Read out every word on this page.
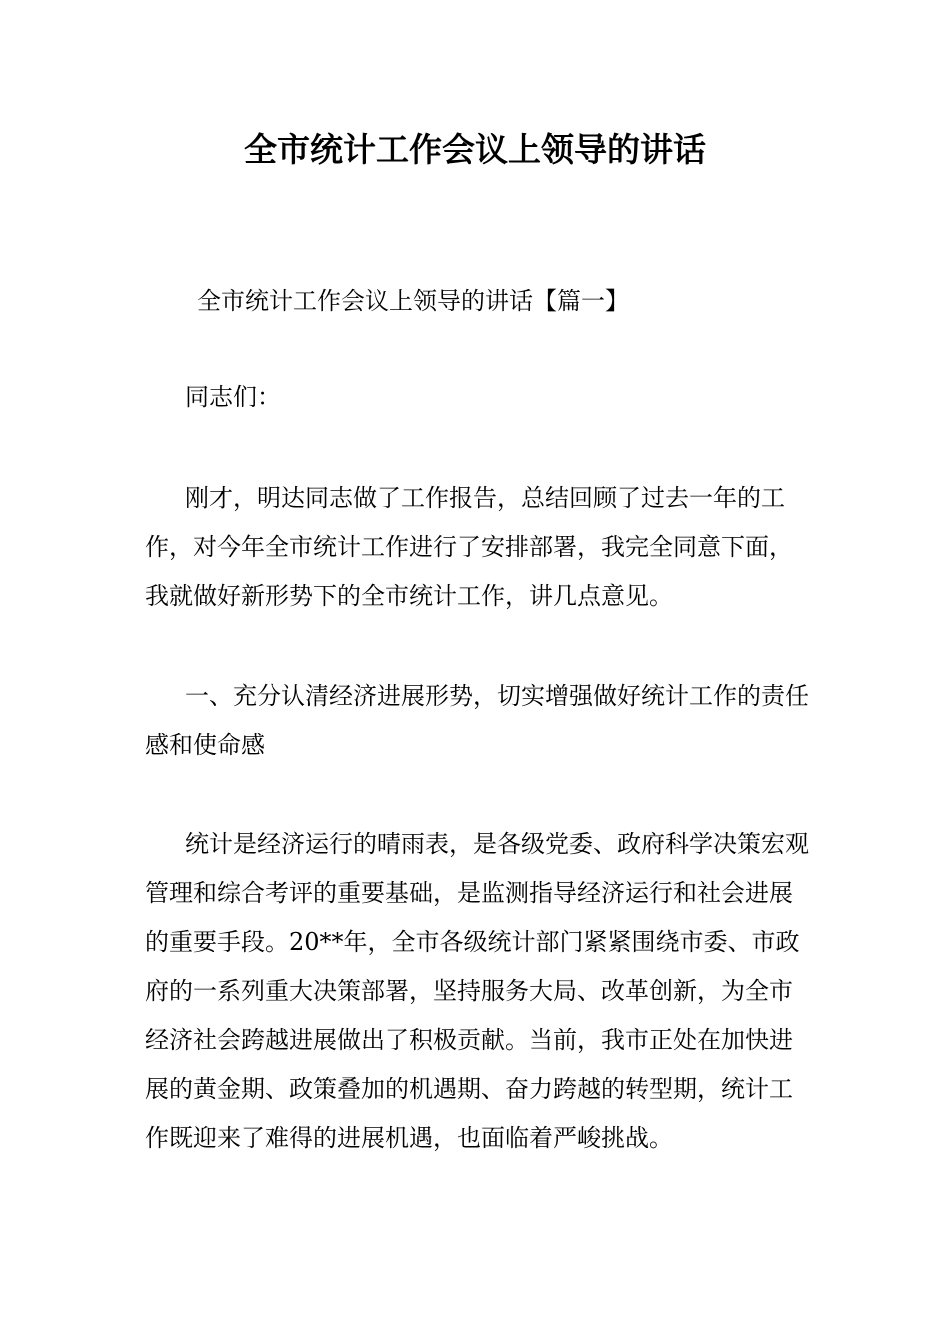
全市统计工作会议上领导的讲话

全市统计工作会议上领导的讲话【篇一】

同志们：

刚才，明达同志做了工作报告，总结回顾了过去一年的工作，对今年全市统计工作进行了安排部署，我完全同意下面，我就做好新形势下的全市统计工作，讲几点意见。

一、充分认清经济进展形势，切实增强做好统计工作的责任感和使命感

统计是经济运行的晴雨表，是各级党委、政府科学决策宏观管理和综合考评的重要基础，是监测指导经济运行和社会进展的重要手段。20**年，全市各级统计部门紧紧围绕市委、市政府的一系列重大决策部署，坚持服务大局、改革创新，为全市经济社会跨越进展做出了积极贡献。当前，我市正处在加快进展的黄金期、政策叠加的机遇期、奋力跨越的转型期，统计工作既迎来了难得的进展机遇，也面临着严峻挑战。
